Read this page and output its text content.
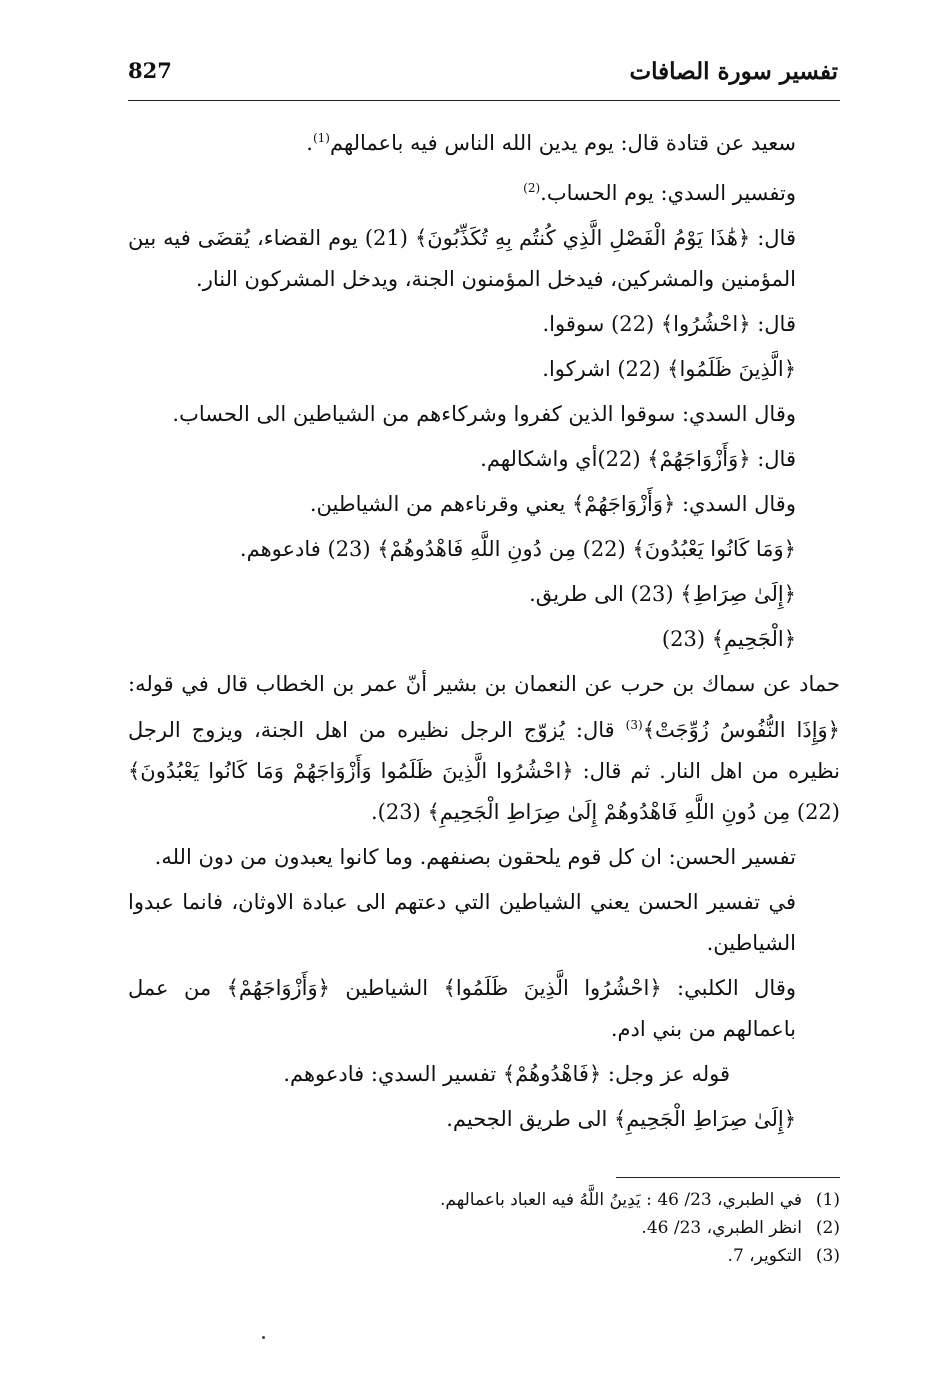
تفسير سورة الصافات
827

سعيد عن قتادة قال: يوم يدين الله الناس فيه باعمالهم$^{(1)}$.

وتفسير السدي: يوم الحساب.$^{(2)}$

قال: ﴿هَٰذَا يَوْمُ الْفَصْلِ الَّذِي كُنتُم بِهِ تُكَذِّبُونَ﴾ (21) يوم القضاء، يُقضَى فيه بين المؤمنين والمشركين، فيدخل المؤمنون الجنة، ويدخل المشركون النار.

قال: ﴿احْشُرُوا﴾ (22) سوقوا.

﴿الَّذِينَ ظَلَمُوا﴾ (22) اشركوا.

وقال السدي: سوقوا الذين كفروا وشركاءهم من الشياطين الى الحساب.

قال: ﴿وَأَزْوَاجَهُمْ﴾ (22)أي واشكالهم.

وقال السدي: ﴿وَأَزْوَاجَهُمْ﴾ يعني وقرناءهم من الشياطين.

﴿وَمَا كَانُوا يَعْبُدُونَ﴾ (22) مِن دُونِ اللَّهِ فَاهْدُوهُمْ﴾ (23) فادعوهم.

﴿إِلَىٰ صِرَاطِ﴾ (23) الى طريق.

﴿الْجَحِيمِ﴾ (23)

حماد عن سماك بن حرب عن النعمان بن بشير أنّ عمر بن الخطاب قال في قوله: ﴿وَإِذَا النُّفُوسُ زُوِّجَتْ﴾$^{(3)}$ قال: يُزوّج الرجل نظيره من اهل الجنة، ويزوج الرجل نظيره من اهل النار. ثم قال: ﴿احْشُرُوا الَّذِينَ ظَلَمُوا وَأَزْوَاجَهُمْ وَمَا كَانُوا يَعْبُدُونَ﴾ (22) مِن دُونِ اللَّهِ فَاهْدُوهُمْ إِلَىٰ صِرَاطِ الْجَحِيمِ﴾ (23).

تفسير الحسن: ان كل قوم يلحقون بصنفهم. وما كانوا يعبدون من دون الله.

في تفسير الحسن يعني الشياطين التي دعتهم الى عبادة الاوثان، فانما عبدوا الشياطين.

وقال الكلبي: ﴿احْشُرُوا الَّذِينَ ظَلَمُوا﴾ الشياطين ﴿وَأَزْوَاجَهُمْ﴾ من عمل باعمالهم من بني ادم.

قوله عز وجل: ﴿فَاهْدُوهُمْ﴾ تفسير السدي: فادعوهم.

﴿إِلَىٰ صِرَاطِ الْجَحِيمِ﴾ الى طريق الجحيم.

(1)في الطبري، 23/ 46 : يَدِينُ اللَّهُ فيه العباد باعمالهم.

(2)انظر الطبري، 23/ 46.

(3)التكوير، 7.
